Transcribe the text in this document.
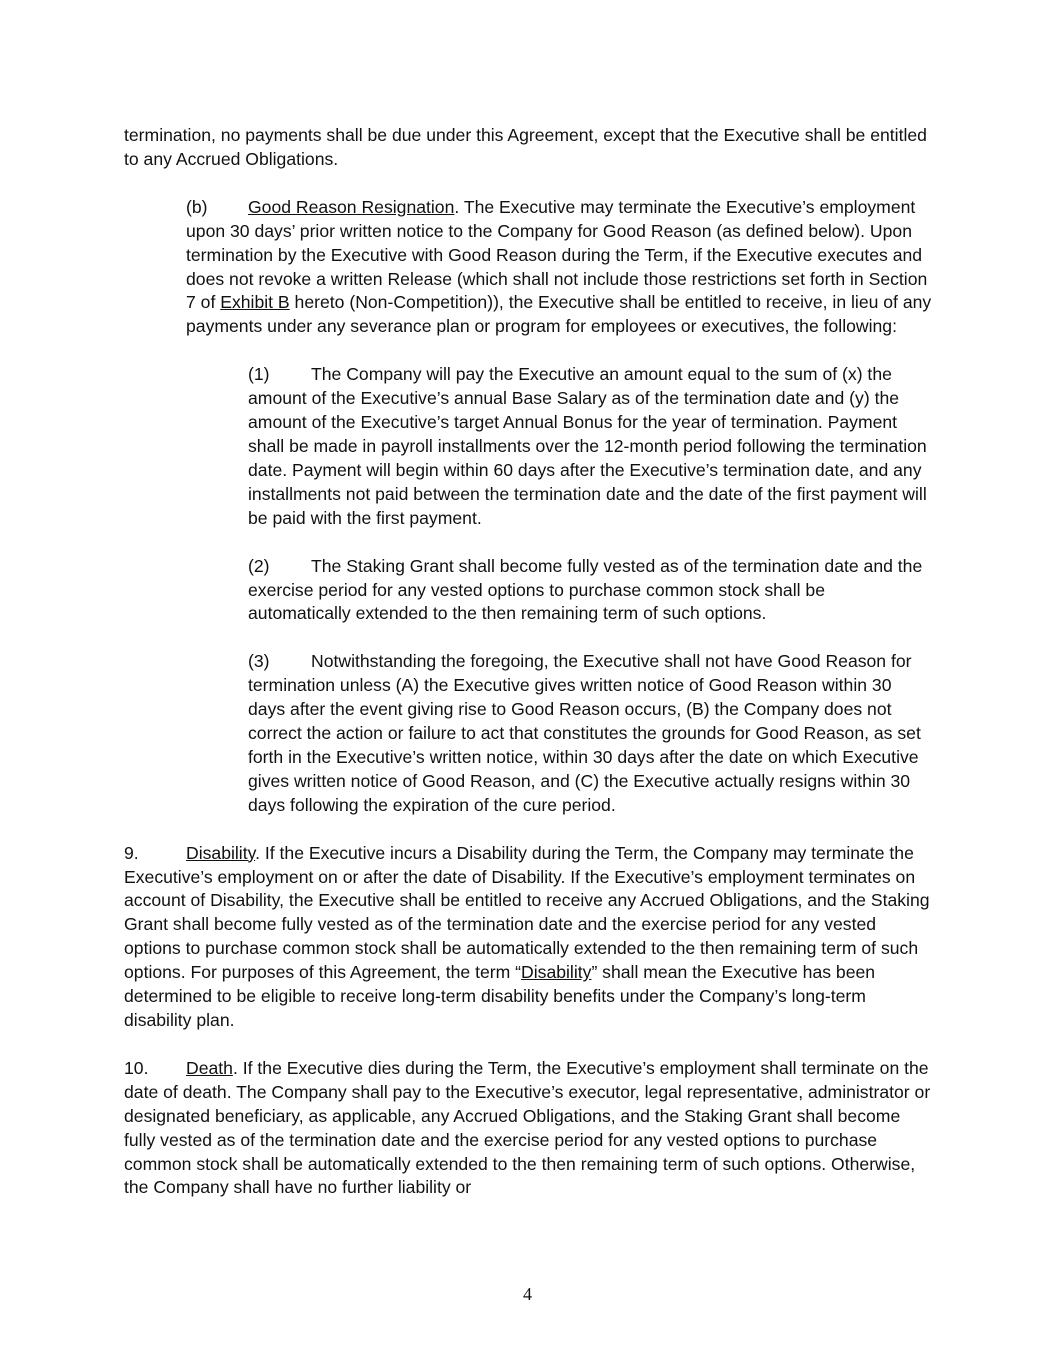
termination, no payments shall be due under this Agreement, except that the Executive shall be entitled to any Accrued Obligations.

(b) Good Reason Resignation. The Executive may terminate the Executive’s employment upon 30 days’ prior written notice to the Company for Good Reason (as defined below). Upon termination by the Executive with Good Reason during the Term, if the Executive executes and does not revoke a written Release (which shall not include those restrictions set forth in Section 7 of Exhibit B hereto (Non-Competition)), the Executive shall be entitled to receive, in lieu of any payments under any severance plan or program for employees or executives, the following:

(1) The Company will pay the Executive an amount equal to the sum of (x) the amount of the Executive’s annual Base Salary as of the termination date and (y) the amount of the Executive’s target Annual Bonus for the year of termination. Payment shall be made in payroll installments over the 12-month period following the termination date. Payment will begin within 60 days after the Executive’s termination date, and any installments not paid between the termination date and the date of the first payment will be paid with the first payment.

(2) The Staking Grant shall become fully vested as of the termination date and the exercise period for any vested options to purchase common stock shall be automatically extended to the then remaining term of such options.

(3) Notwithstanding the foregoing, the Executive shall not have Good Reason for termination unless (A) the Executive gives written notice of Good Reason within 30 days after the event giving rise to Good Reason occurs, (B) the Company does not correct the action or failure to act that constitutes the grounds for Good Reason, as set forth in the Executive’s written notice, within 30 days after the date on which Executive gives written notice of Good Reason, and (C) the Executive actually resigns within 30 days following the expiration of the cure period.

9.	Disability. If the Executive incurs a Disability during the Term, the Company may terminate the Executive’s employment on or after the date of Disability. If the Executive’s employment terminates on account of Disability, the Executive shall be entitled to receive any Accrued Obligations, and the Staking Grant shall become fully vested as of the termination date and the exercise period for any vested options to purchase common stock shall be automatically extended to the then remaining term of such options. For purposes of this Agreement, the term “Disability” shall mean the Executive has been determined to be eligible to receive long-term disability benefits under the Company’s long-term disability plan.

10. Death. If the Executive dies during the Term, the Executive’s employment shall terminate on the date of death. The Company shall pay to the Executive’s executor, legal representative, administrator or designated beneficiary, as applicable, any Accrued Obligations, and the Staking Grant shall become fully vested as of the termination date and the exercise period for any vested options to purchase common stock shall be automatically extended to the then remaining term of such options. Otherwise, the Company shall have no further liability or

4
